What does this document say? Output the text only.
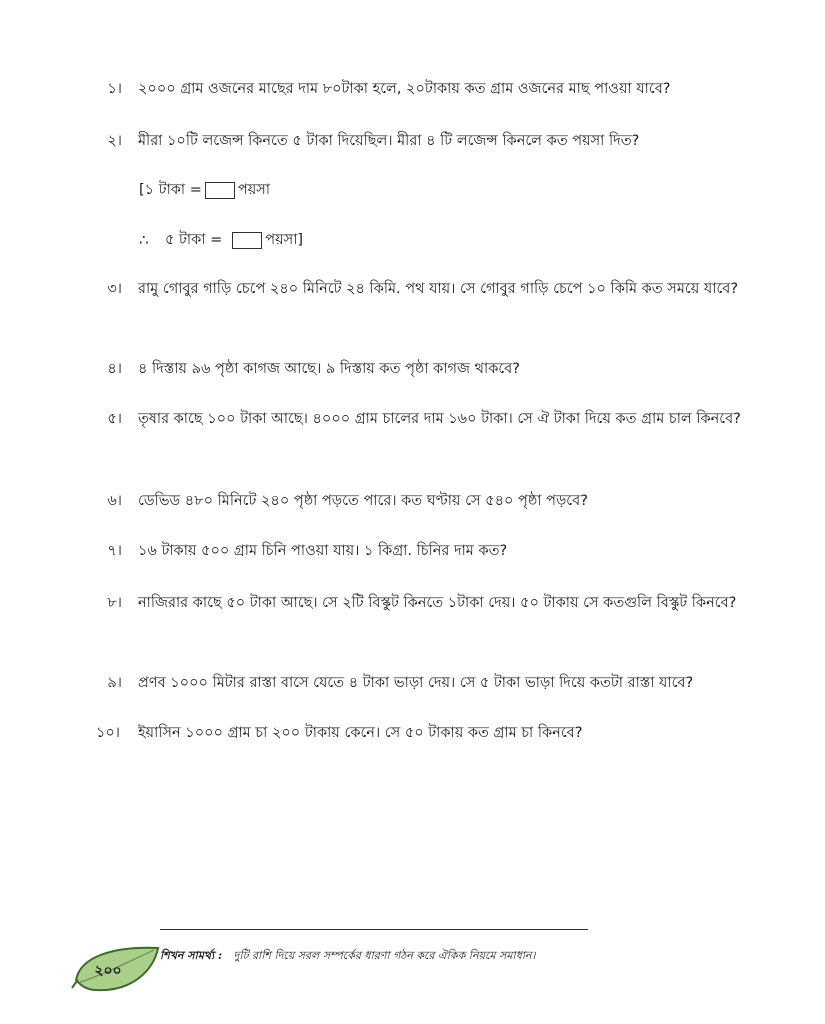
১। ২০০০ গ্রাম ওজনের মাছের দাম ৮০টাকা হলে, ২০টাকায় কত গ্রাম ওজনের মাছ পাওয়া যাবে?
২। মীরা ১০টি লজেন্স কিনতে ৫ টাকা দিয়েছিল। মীরা ৪ টি লজেন্স কিনলে কত পয়সা দিত?
[১ টাকা = পয়সা
∴	৫ টাকা =	পয়সা]
৩। রামু গোবুর গাড়ি চেপে ২৪০ মিনিটে ২৪ কিমি. পথ যায়। সে গোবুর গাড়ি চেপে ১০ কিমি কত সময়ে যাবে?
৪। ৪ দিস্তায় ৯৬ পৃষ্ঠা কাগজ আছে। ৯ দিস্তায় কত পৃষ্ঠা কাগজ থাকবে?
৫। তৃষার কাছে ১০০ টাকা আছে। ৪০০০ গ্রাম চালের দাম ১৬০ টাকা। সে ঐ টাকা দিয়ে কত গ্রাম চাল কিনবে?
৬। ডেভিড ৪৮০ মিনিটে ২৪০ পৃষ্ঠা পড়তে পারে। কত ঘণ্টায় সে ৫৪০ পৃষ্ঠা পড়বে?
৭। ১৬ টাকায় ৫০০ গ্রাম চিনি পাওয়া যায়। ১ কিগ্রা. চিনির দাম কত?
৮। নাজিরার কাছে ৫০ টাকা আছে। সে ২টি বিস্কুট কিনতে ১টাকা দেয়। ৫০ টাকায় সে কতগুলি বিস্কুট কিনবে?
৯। প্রণব ১০০০ মিটার রাস্তা বাসে যেতে ৪ টাকা ভাড়া দেয়। সে ৫ টাকা ভাড়া দিয়ে কতটা রাস্তা যাবে?
১০। ইয়াসিন ১০০০ গ্রাম চা ২০০ টাকায় কেনে। সে ৫০ টাকায় কত গ্রাম চা কিনবে?
২০০
শিখন সামর্থ্য : দুটি রাশি দিয়ে সরল সম্পর্কের ধারণা গঠন করে ঐকিক নিয়মে সমাধান।
